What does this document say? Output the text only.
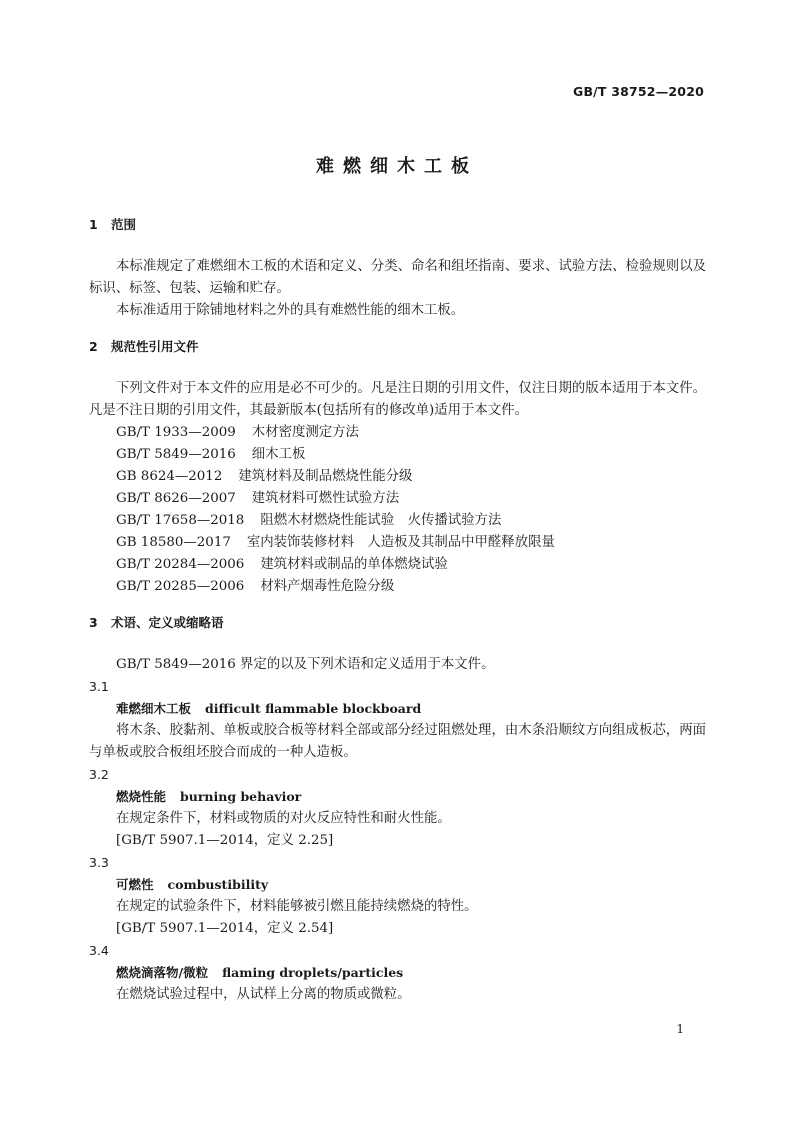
GB/T 38752—2020
难燃细木工板

1 范围

本标准规定了难燃细木工板的术语和定义、分类、命名和组坯指南、要求、试验方法、检验规则以及标识、标签、包装、运输和贮存。

本标准适用于除铺地材料之外的具有难燃性能的细木工板。

2 规范性引用文件

下列文件对于本文件的应用是必不可少的。凡是注日期的引用文件，仅注日期的版本适用于本文件。凡是不注日期的引用文件，其最新版本(包括所有的修改单)适用于本文件。

GB/T 1933—2009 木材密度测定方法

GB/T 5849—2016 细木工板

GB 8624—2012 建筑材料及制品燃烧性能分级

GB/T 8626—2007 建筑材料可燃性试验方法

GB/T 17658—2018 阻燃木材燃烧性能试验　火传播试验方法

GB 18580—2017 室内装饰装修材料　人造板及其制品中甲醛释放限量

GB/T 20284—2006 建筑材料或制品的单体燃烧试验

GB/T 20285—2006 材料产烟毒性危险分级

3 术语、定义或缩略语

GB/T 5849—2016 界定的以及下列术语和定义适用于本文件。

3.1

难燃细木工板 difficult flammable blockboard

将木条、胶黏剂、单板或胶合板等材料全部或部分经过阻燃处理，由木条沿顺纹方向组成板芯，两面与单板或胶合板组坯胶合而成的一种人造板。

3.2

燃烧性能 burning behavior

在规定条件下，材料或物质的对火反应特性和耐火性能。

[GB/T 5907.1—2014，定义 2.25]

3.3

可燃性 combustibility

在规定的试验条件下，材料能够被引燃且能持续燃烧的特性。

[GB/T 5907.1—2014，定义 2.54]

3.4

燃烧滴落物/微粒 flaming droplets/particles

在燃烧试验过程中，从试样上分离的物质或微粒。

1
